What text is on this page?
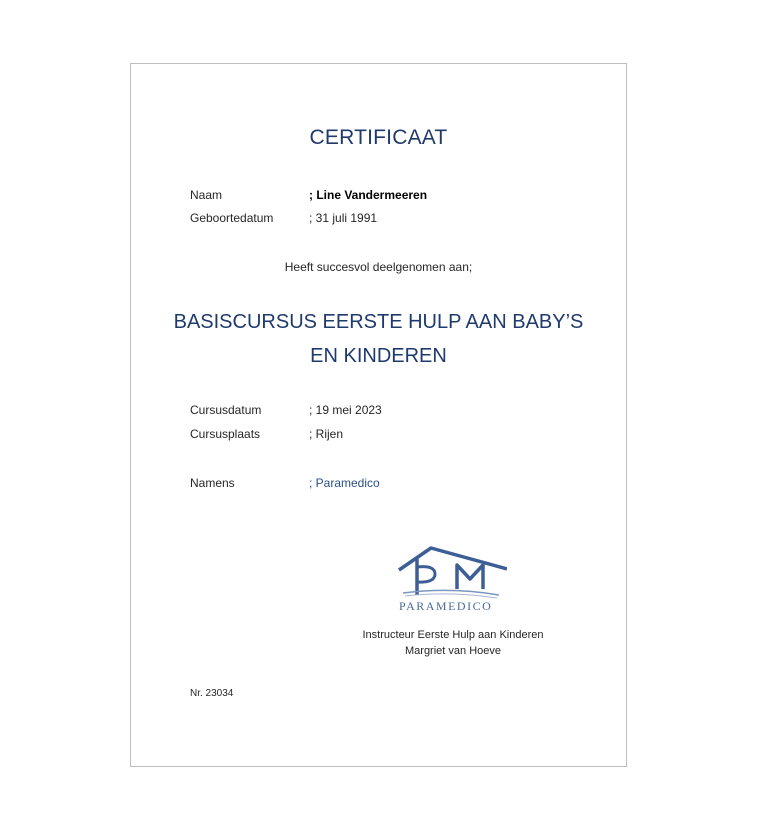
CERTIFICAAT
Naam	; Line Vandermeeren
Geboortedatum	; 31 juli 1991
Heeft succesvol deelgenomen aan;
BASISCURSUS EERSTE HULP AAN BABY’S
EN KINDEREN
Cursusdatum	; 19 mei 2023
Cursusplaats	; Rijen
Namens	; Paramedico
PARAMEDICO
Instructeur Eerste Hulp aan Kinderen
Margriet van Hoeve
Nr. 23034
